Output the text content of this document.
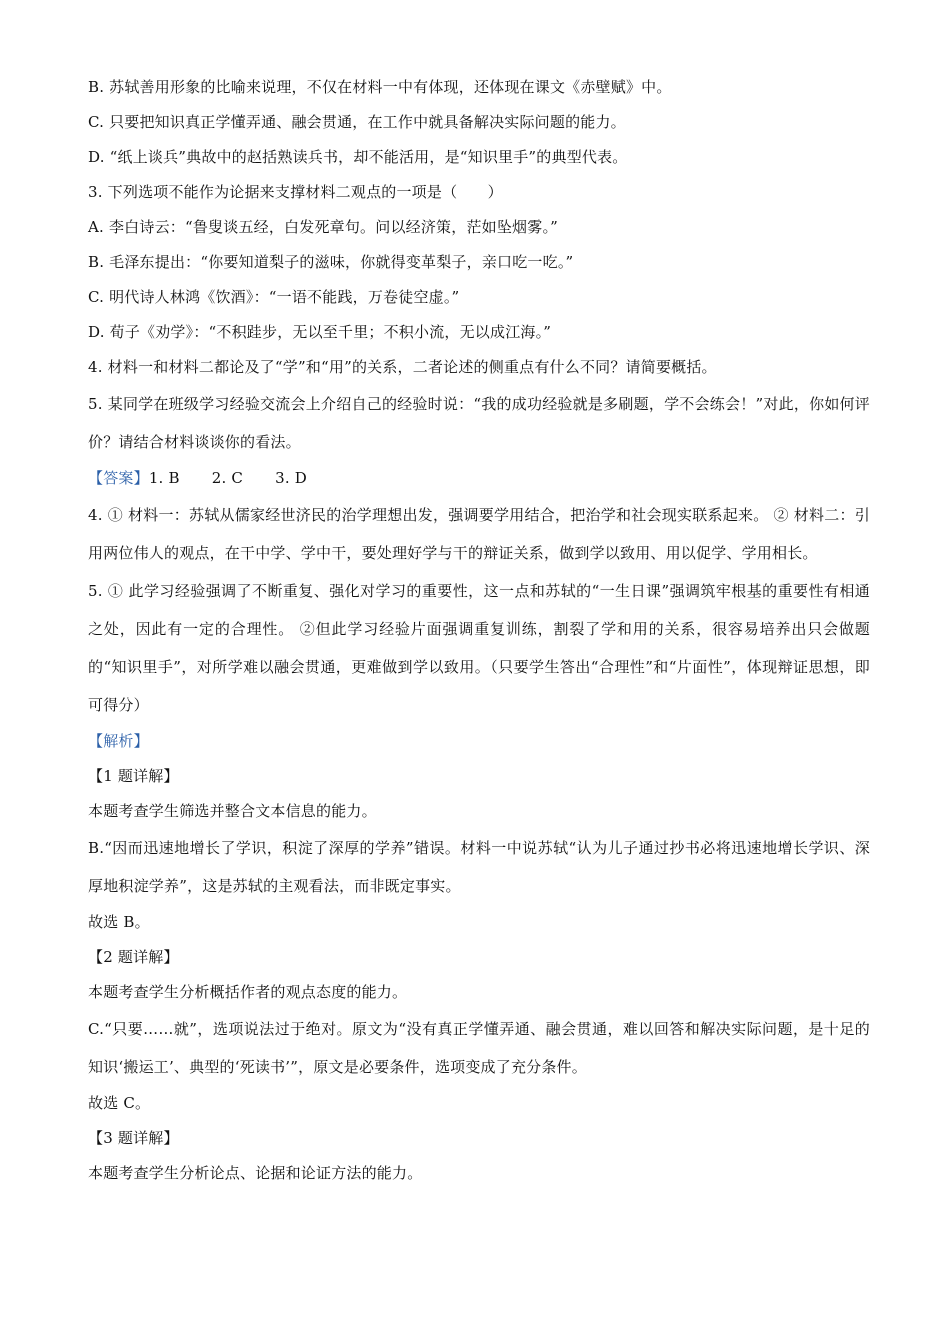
B. 苏轼善用形象的比喻来说理，不仅在材料一中有体现，还体现在课文《赤壁赋》中。
C. 只要把知识真正学懂弄通、融会贯通，在工作中就具备解决实际问题的能力。
D. “纸上谈兵”典故中的赵括熟读兵书，却不能活用，是“知识里手”的典型代表。
3. 下列选项不能作为论据来支撑材料二观点的一项是（　　）
A. 李白诗云：“鲁叟谈五经，白发死章句。问以经济策，茫如坠烟雾。”
B. 毛泽东提出：“你要知道梨子的滋味，你就得变革梨子，亲口吃一吃。”
C. 明代诗人林鸿《饮酒》：“一语不能践，万卷徒空虚。”
D. 荀子《劝学》：“不积跬步，无以至千里；不积小流，无以成江海。”
4. 材料一和材料二都论及了“学”和“用”的关系，二者论述的侧重点有什么不同？请简要概括。
5. 某同学在班级学习经验交流会上介绍自己的经验时说：“我的成功经验就是多刷题，学不会练会！”对此，你如何评价？请结合材料谈谈你的看法。
【答案】1. B 2. C 3. D
4. ① 材料一：苏轼从儒家经世济民的治学理想出发，强调要学用结合，把治学和社会现实联系起来。 ② 材料二：引用两位伟人的观点，在干中学、学中干，要处理好学与干的辩证关系，做到学以致用、用以促学、学用相长。
5. ① 此学习经验强调了不断重复、强化对学习的重要性，这一点和苏轼的“一生日课”强调筑牢根基的重要性有相通之处，因此有一定的合理性。 ②但此学习经验片面强调重复训练，割裂了学和用的关系，很容易培养出只会做题的“知识里手”，对所学难以融会贯通，更难做到学以致用。（只要学生答出“合理性”和“片面性”，体现辩证思想，即可得分）
【解析】
【1 题详解】
本题考查学生筛选并整合文本信息的能力。
B.“因而迅速地增长了学识，积淀了深厚的学养”错误。材料一中说苏轼“认为儿子通过抄书必将迅速地增长学识、深厚地积淀学养”，这是苏轼的主观看法，而非既定事实。
故选 B。
【2 题详解】
本题考查学生分析概括作者的观点态度的能力。
C.“只要……就”，选项说法过于绝对。原文为“没有真正学懂弄通、融会贯通，难以回答和解决实际问题，是十足的知识‘搬运工’、典型的‘死读书’”，原文是必要条件，选项变成了充分条件。
故选 C。
【3 题详解】
本题考查学生分析论点、论据和论证方法的能力。
